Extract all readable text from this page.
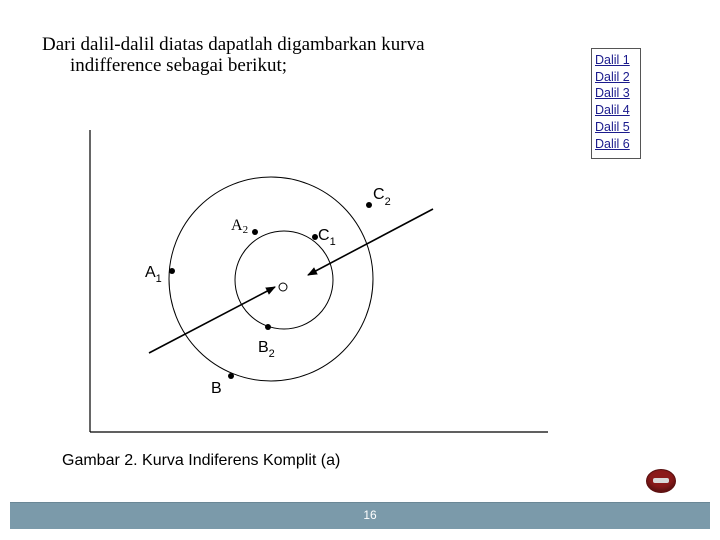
Dari dalil-dalil diatas dapatlah digambarkan kurva
indifference sebagai berikut;	Dalil 1
Dalil 2
Dalil 3
Dalil 4
Dalil 5
Dalil 6
$C_2$
A2	$C_1$
$A_1$
$B_2$
B
Gambar 2. Kurva Indiferens Komplit (a)
16
